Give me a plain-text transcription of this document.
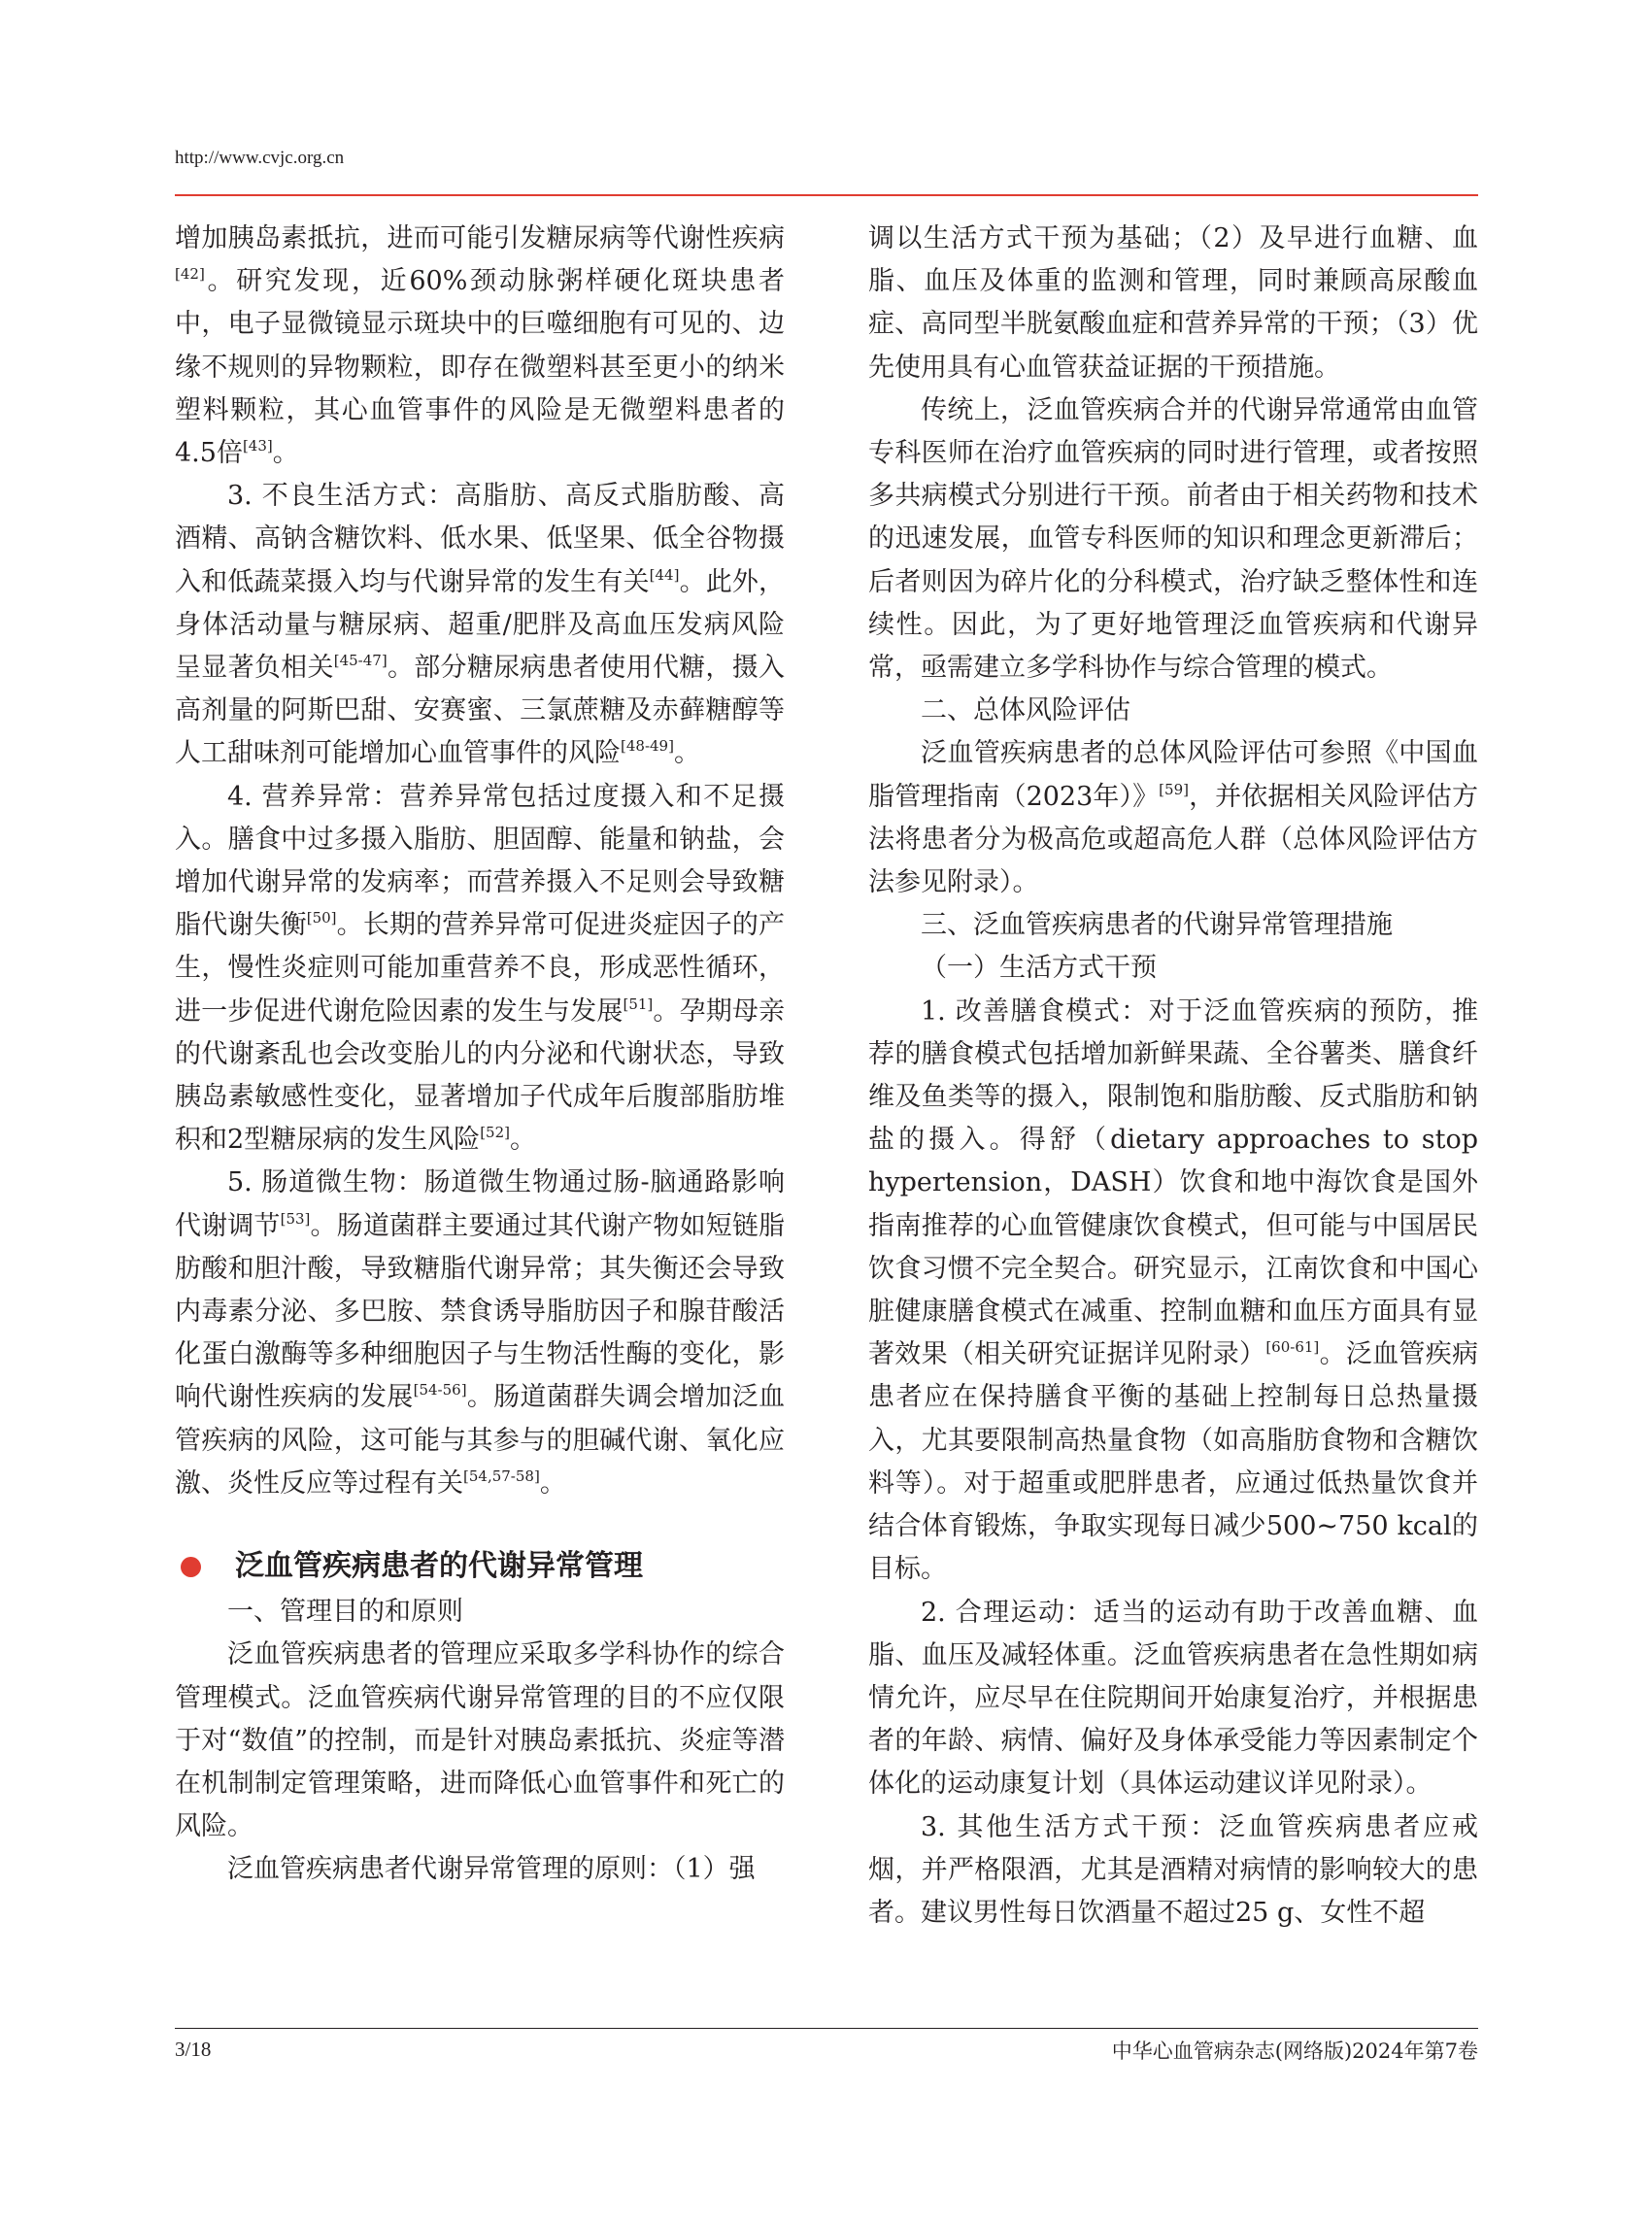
http://www.cvjc.org.cn

增加胰岛素抵抗，进而可能引发糖尿病等代谢性疾病[42]。研究发现，近60%颈动脉粥样硬化斑块患者中，电子显微镜显示斑块中的巨噬细胞有可见的、边缘不规则的异物颗粒，即存在微塑料甚至更小的纳米塑料颗粒，其心血管事件的风险是无微塑料患者的4.5倍[43]。

3. 不良生活方式：高脂肪、高反式脂肪酸、高酒精、高钠含糖饮料、低水果、低坚果、低全谷物摄入和低蔬菜摄入均与代谢异常的发生有关[44]。此外，身体活动量与糖尿病、超重/肥胖及高血压发病风险呈显著负相关[45-47]。部分糖尿病患者使用代糖，摄入高剂量的阿斯巴甜、安赛蜜、三氯蔗糖及赤藓糖醇等人工甜味剂可能增加心血管事件的风险[48-49]。

4. 营养异常：营养异常包括过度摄入和不足摄入。膳食中过多摄入脂肪、胆固醇、能量和钠盐，会增加代谢异常的发病率；而营养摄入不足则会导致糖脂代谢失衡[50]。长期的营养异常可促进炎症因子的产生，慢性炎症则可能加重营养不良，形成恶性循环，进一步促进代谢危险因素的发生与发展[51]。孕期母亲的代谢紊乱也会改变胎儿的内分泌和代谢状态，导致胰岛素敏感性变化，显著增加子代成年后腹部脂肪堆积和2型糖尿病的发生风险[52]。

5. 肠道微生物：肠道微生物通过肠-脑通路影响代谢调节[53]。肠道菌群主要通过其代谢产物如短链脂肪酸和胆汁酸，导致糖脂代谢异常；其失衡还会导致内毒素分泌、多巴胺、禁食诱导脂肪因子和腺苷酸活化蛋白激酶等多种细胞因子与生物活性酶的变化，影响代谢性疾病的发展[54-56]。肠道菌群失调会增加泛血管疾病的风险，这可能与其参与的胆碱代谢、氧化应激、炎性反应等过程有关[54,57-58]。

泛血管疾病患者的代谢异常管理

一、管理目的和原则

泛血管疾病患者的管理应采取多学科协作的综合管理模式。泛血管疾病代谢异常管理的目的不应仅限于对“数值”的控制，而是针对胰岛素抵抗、炎症等潜在机制制定管理策略，进而降低心血管事件和死亡的风险。

泛血管疾病患者代谢异常管理的原则：（1）强

调以生活方式干预为基础；（2）及早进行血糖、血脂、血压及体重的监测和管理，同时兼顾高尿酸血症、高同型半胱氨酸血症和营养异常的干预；（3）优先使用具有心血管获益证据的干预措施。

传统上，泛血管疾病合并的代谢异常通常由血管专科医师在治疗血管疾病的同时进行管理，或者按照多共病模式分别进行干预。前者由于相关药物和技术的迅速发展，血管专科医师的知识和理念更新滞后；后者则因为碎片化的分科模式，治疗缺乏整体性和连续性。因此，为了更好地管理泛血管疾病和代谢异常，亟需建立多学科协作与综合管理的模式。

二、总体风险评估

泛血管疾病患者的总体风险评估可参照《中国血脂管理指南（2023年）》[59]，并依据相关风险评估方法将患者分为极高危或超高危人群（总体风险评估方法参见附录）。

三、泛血管疾病患者的代谢异常管理措施

（一）生活方式干预

1. 改善膳食模式：对于泛血管疾病的预防，推荐的膳食模式包括增加新鲜果蔬、全谷薯类、膳食纤维及鱼类等的摄入，限制饱和脂肪酸、反式脂肪和钠盐的摄入。得舒（dietary approaches to stop hypertension，DASH）饮食和地中海饮食是国外指南推荐的心血管健康饮食模式，但可能与中国居民饮食习惯不完全契合。研究显示，江南饮食和中国心脏健康膳食模式在减重、控制血糖和血压方面具有显著效果（相关研究证据详见附录）[60-61]。泛血管疾病患者应在保持膳食平衡的基础上控制每日总热量摄入，尤其要限制高热量食物（如高脂肪食物和含糖饮料等）。对于超重或肥胖患者，应通过低热量饮食并结合体育锻炼，争取实现每日减少500~750 kcal的目标。

2. 合理运动：适当的运动有助于改善血糖、血脂、血压及减轻体重。泛血管疾病患者在急性期如病情允许，应尽早在住院期间开始康复治疗，并根据患者的年龄、病情、偏好及身体承受能力等因素制定个体化的运动康复计划（具体运动建议详见附录）。

3. 其他生活方式干预：泛血管疾病患者应戒烟，并严格限酒，尤其是酒精对病情的影响较大的患者。建议男性每日饮酒量不超过25 g、女性不超

3/18	中华心血管病杂志(网络版)2024年第7卷
